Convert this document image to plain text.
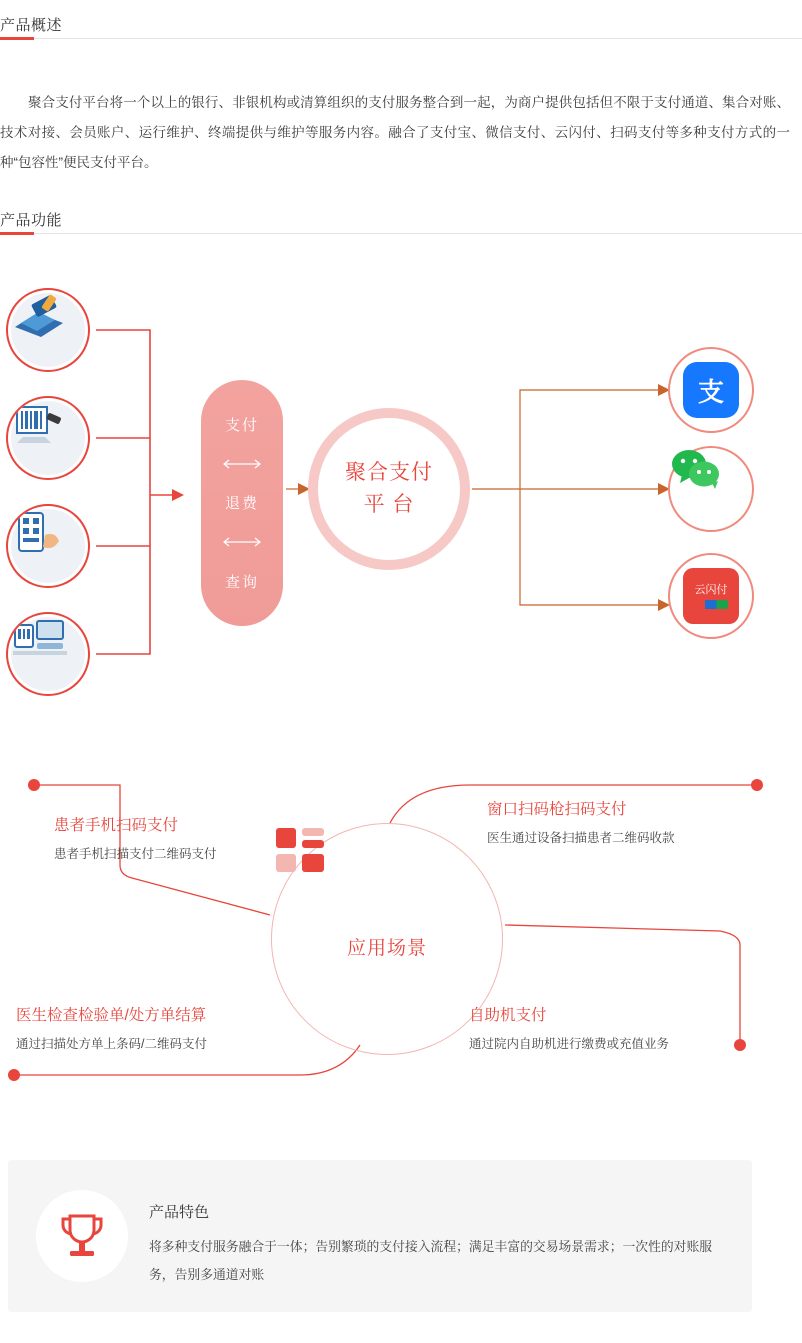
产品概述

聚合支付平台将一个以上的银行、非银机构或清算组织的支付服务整合到一起，为商户提供包括但不限于支付通道、集合对账、技术对接、会员账户、运行维护、终端提供与维护等服务内容。融合了支付宝、微信支付、云闪付、扫码支付等多种支付方式的一种“包容性”便民支付平台。

产品功能
支付
退费
查询
聚合支付
平 台
支
云闪付
应用场景
患者手机扫码支付
患者手机扫描支付二维码支付
窗口扫码枪扫码支付
医生通过设备扫描患者二维码收款
医生检查检验单/处方单结算
通过扫描处方单上条码/二维码支付
自助机支付
通过院内自助机进行缴费或充值业务
产品特色
将多种支付服务融合于一体；告别繁琐的支付接入流程；满足丰富的交易场景需求；一次性的对账服务，告别多通道对账
